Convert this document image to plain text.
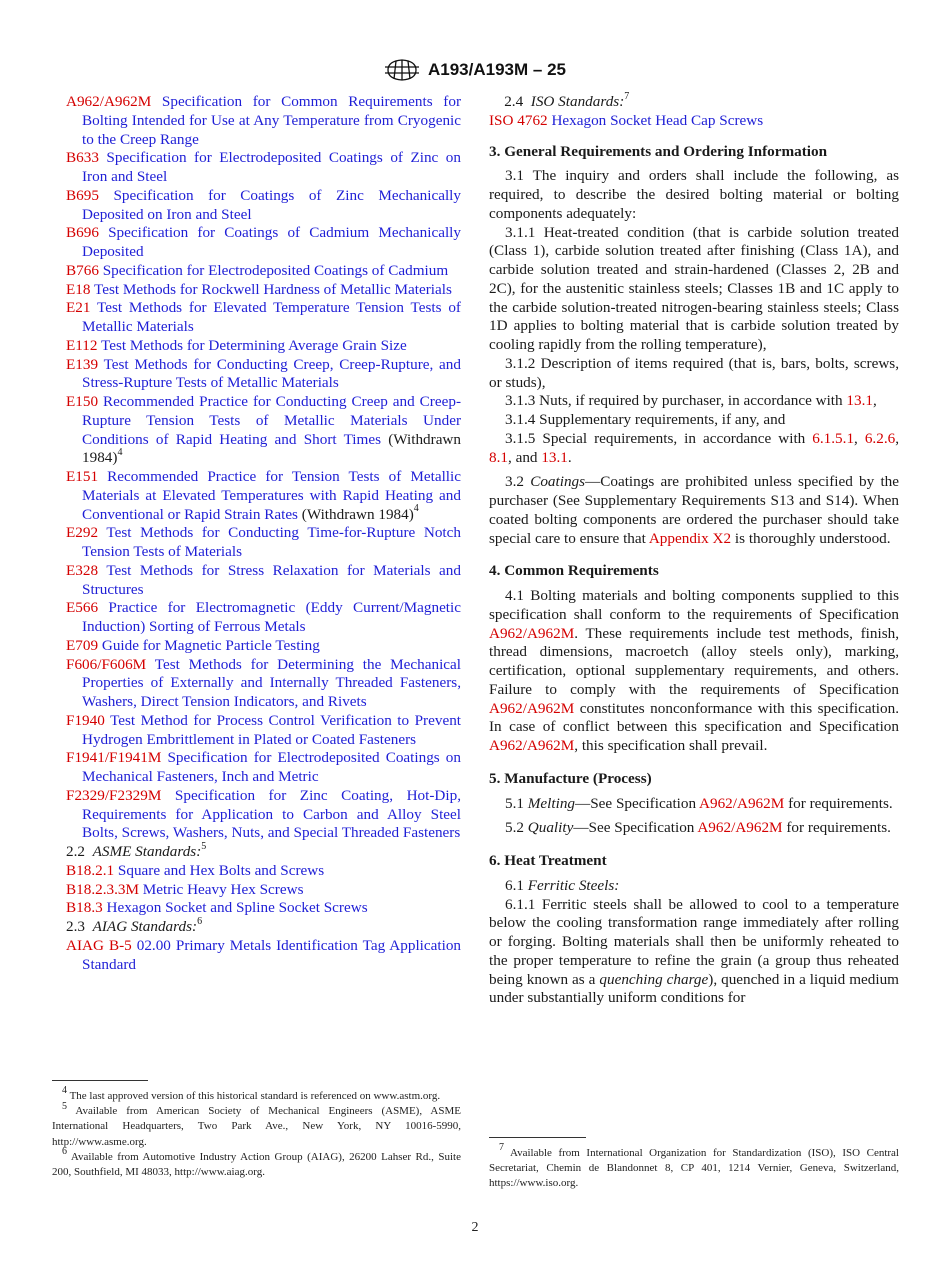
A193/A193M – 25
A962/A962M Specification for Common Requirements for Bolting Intended for Use at Any Temperature from Cryogenic to the Creep Range
B633 Specification for Electrodeposited Coatings of Zinc on Iron and Steel
B695 Specification for Coatings of Zinc Mechanically Deposited on Iron and Steel
B696 Specification for Coatings of Cadmium Mechanically Deposited
B766 Specification for Electrodeposited Coatings of Cadmium
E18 Test Methods for Rockwell Hardness of Metallic Materials
E21 Test Methods for Elevated Temperature Tension Tests of Metallic Materials
E112 Test Methods for Determining Average Grain Size
E139 Test Methods for Conducting Creep, Creep-Rupture, and Stress-Rupture Tests of Metallic Materials
E150 Recommended Practice for Conducting Creep and Creep-Rupture Tension Tests of Metallic Materials Under Conditions of Rapid Heating and Short Times (Withdrawn 1984)$^4$
E151 Recommended Practice for Tension Tests of Metallic Materials at Elevated Temperatures with Rapid Heating and Conventional or Rapid Strain Rates (Withdrawn 1984)$^4$
E292 Test Methods for Conducting Time-for-Rupture Notch Tension Tests of Materials
E328 Test Methods for Stress Relaxation for Materials and Structures
E566 Practice for Electromagnetic (Eddy Current/Magnetic Induction) Sorting of Ferrous Metals
E709 Guide for Magnetic Particle Testing
F606/F606M Test Methods for Determining the Mechanical Properties of Externally and Internally Threaded Fasteners, Washers, Direct Tension Indicators, and Rivets
F1940 Test Method for Process Control Verification to Prevent Hydrogen Embrittlement in Plated or Coated Fasteners
F1941/F1941M Specification for Electrodeposited Coatings on Mechanical Fasteners, Inch and Metric
F2329/F2329M Specification for Zinc Coating, Hot-Dip, Requirements for Application to Carbon and Alloy Steel Bolts, Screws, Washers, Nuts, and Special Threaded Fasteners
2.2 ASME Standards:$^5$
B18.2.1 Square and Hex Bolts and Screws
B18.2.3.3M Metric Heavy Hex Screws
B18.3 Hexagon Socket and Spline Socket Screws
2.3 AIAG Standards:$^6$
AIAG B-5 02.00 Primary Metals Identification Tag Application Standard

$^4$ The last approved version of this historical standard is referenced on www.astm.org.

$^5$ Available from American Society of Mechanical Engineers (ASME), ASME International Headquarters, Two Park Ave., New York, NY 10016-5990, http://www.asme.org.

$^6$ Available from Automotive Industry Action Group (AIAG), 26200 Lahser Rd., Suite 200, Southfield, MI 48033, http://www.aiag.org.

2.4 ISO Standards:$^7$
ISO 4762 Hexagon Socket Head Cap Screws
3. General Requirements and Ordering Information

3.1 The inquiry and orders shall include the following, as required, to describe the desired bolting material or bolting components adequately:

3.1.1 Heat-treated condition (that is carbide solution treated (Class 1), carbide solution treated after finishing (Class 1A), and carbide solution treated and strain-hardened (Classes 2, 2B and 2C), for the austenitic stainless steels; Classes 1B and 1C apply to the carbide solution-treated nitrogen-bearing stainless steels; Class 1D applies to bolting material that is carbide solution treated by cooling rapidly from the rolling temperature),

3.1.2 Description of items required (that is, bars, bolts, screws, or studs),

3.1.3 Nuts, if required by purchaser, in accordance with 13.1,

3.1.4 Supplementary requirements, if any, and

3.1.5 Special requirements, in accordance with 6.1.5.1, 6.2.6, 8.1, and 13.1.

3.2 Coatings—Coatings are prohibited unless specified by the purchaser (See Supplementary Requirements S13 and S14). When coated bolting components are ordered the purchaser should take special care to ensure that Appendix X2 is thoroughly understood.

4. Common Requirements

4.1 Bolting materials and bolting components supplied to this specification shall conform to the requirements of Specification A962/A962M. These requirements include test methods, finish, thread dimensions, macroetch (alloy steels only), marking, certification, optional supplementary requirements, and others. Failure to comply with the requirements of Specification A962/A962M constitutes nonconformance with this specification. In case of conflict between this specification and Specification A962/A962M, this specification shall prevail.

5. Manufacture (Process)

5.1 Melting—See Specification A962/A962M for requirements.

5.2 Quality—See Specification A962/A962M for requirements.

6. Heat Treatment

6.1 Ferritic Steels:

6.1.1 Ferritic steels shall be allowed to cool to a temperature below the cooling transformation range immediately after rolling or forging. Bolting materials shall then be uniformly reheated to the proper temperature to refine the grain (a group thus reheated being known as a quenching charge), quenched in a liquid medium under substantially uniform conditions for

$^7$ Available from International Organization for Standardization (ISO), ISO Central Secretariat, Chemin de Blandonnet 8, CP 401, 1214 Vernier, Geneva, Switzerland, https://www.iso.org.

2
